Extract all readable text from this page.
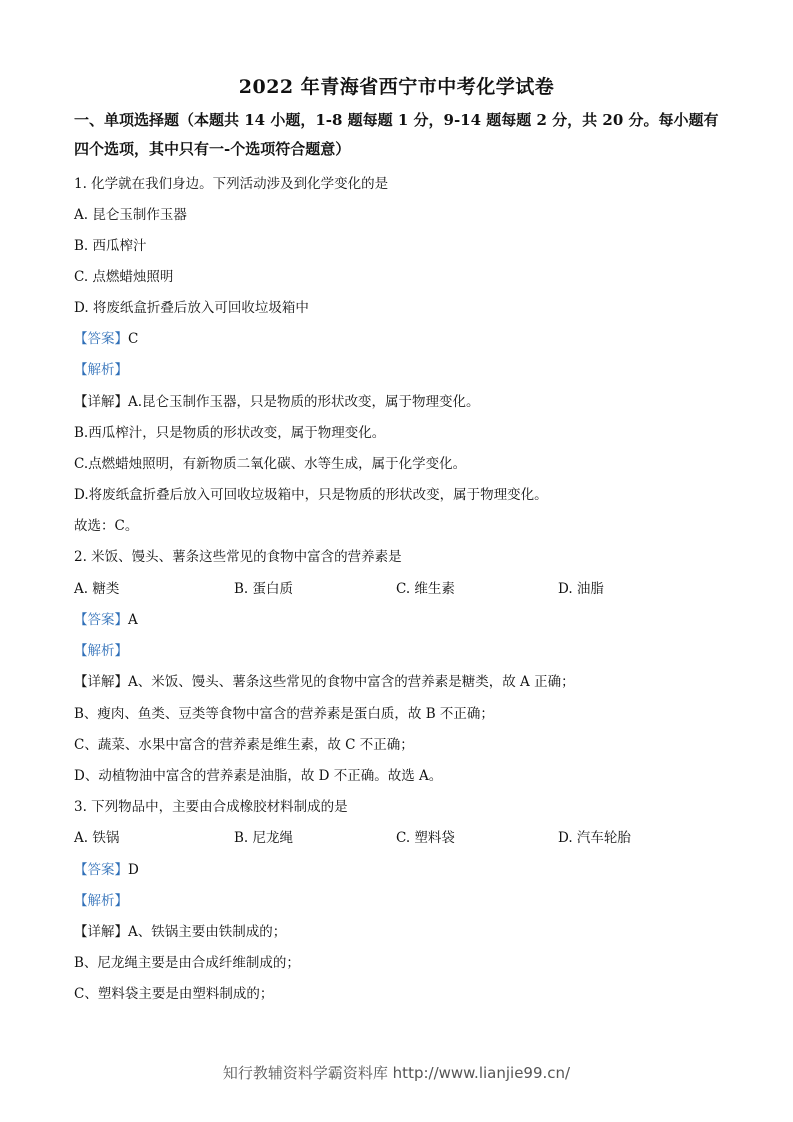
2022 年青海省西宁市中考化学试卷
一、单项选择题（本题共 14 小题，1-8 题每题 1 分，9-14 题每题 2 分，共 20 分。每小题有四个选项，其中只有一-个选项符合题意）
1. 化学就在我们身边。下列活动涉及到化学变化的是
A. 昆仑玉制作玉器
B. 西瓜榨汁
C. 点燃蜡烛照明
D. 将废纸盒折叠后放入可回收垃圾箱中
【答案】C
【解析】
【详解】A.昆仑玉制作玉器，只是物质的形状改变，属于物理变化。
B.西瓜榨汁，只是物质的形状改变，属于物理变化。
C.点燃蜡烛照明，有新物质二氧化碳、水等生成，属于化学变化。
D.将废纸盒折叠后放入可回收垃圾箱中，只是物质的形状改变，属于物理变化。
故选：C。
2. 米饭、馒头、薯条这些常见的食物中富含的营养素是
A. 糖类	B. 蛋白质	C. 维生素	D. 油脂
【答案】A
【解析】
【详解】A、米饭、馒头、薯条这些常见的食物中富含的营养素是糖类，故 A 正确；
B、瘦肉、鱼类、豆类等食物中富含的营养素是蛋白质，故 B 不正确；
C、蔬菜、水果中富含的营养素是维生素，故 C 不正确；
D、动植物油中富含的营养素是油脂，故 D 不正确。故选 A。
3. 下列物品中，主要由合成橡胶材料制成的是
A. 铁锅	B. 尼龙绳	C. 塑料袋	D. 汽车轮胎
【答案】D
【解析】
【详解】A、铁锅主要由铁制成的；
B、尼龙绳主要是由合成纤维制成的；
C、塑料袋主要是由塑料制成的；
知行教辅资料学霸资料库 http://www.lianjie99.cn/
